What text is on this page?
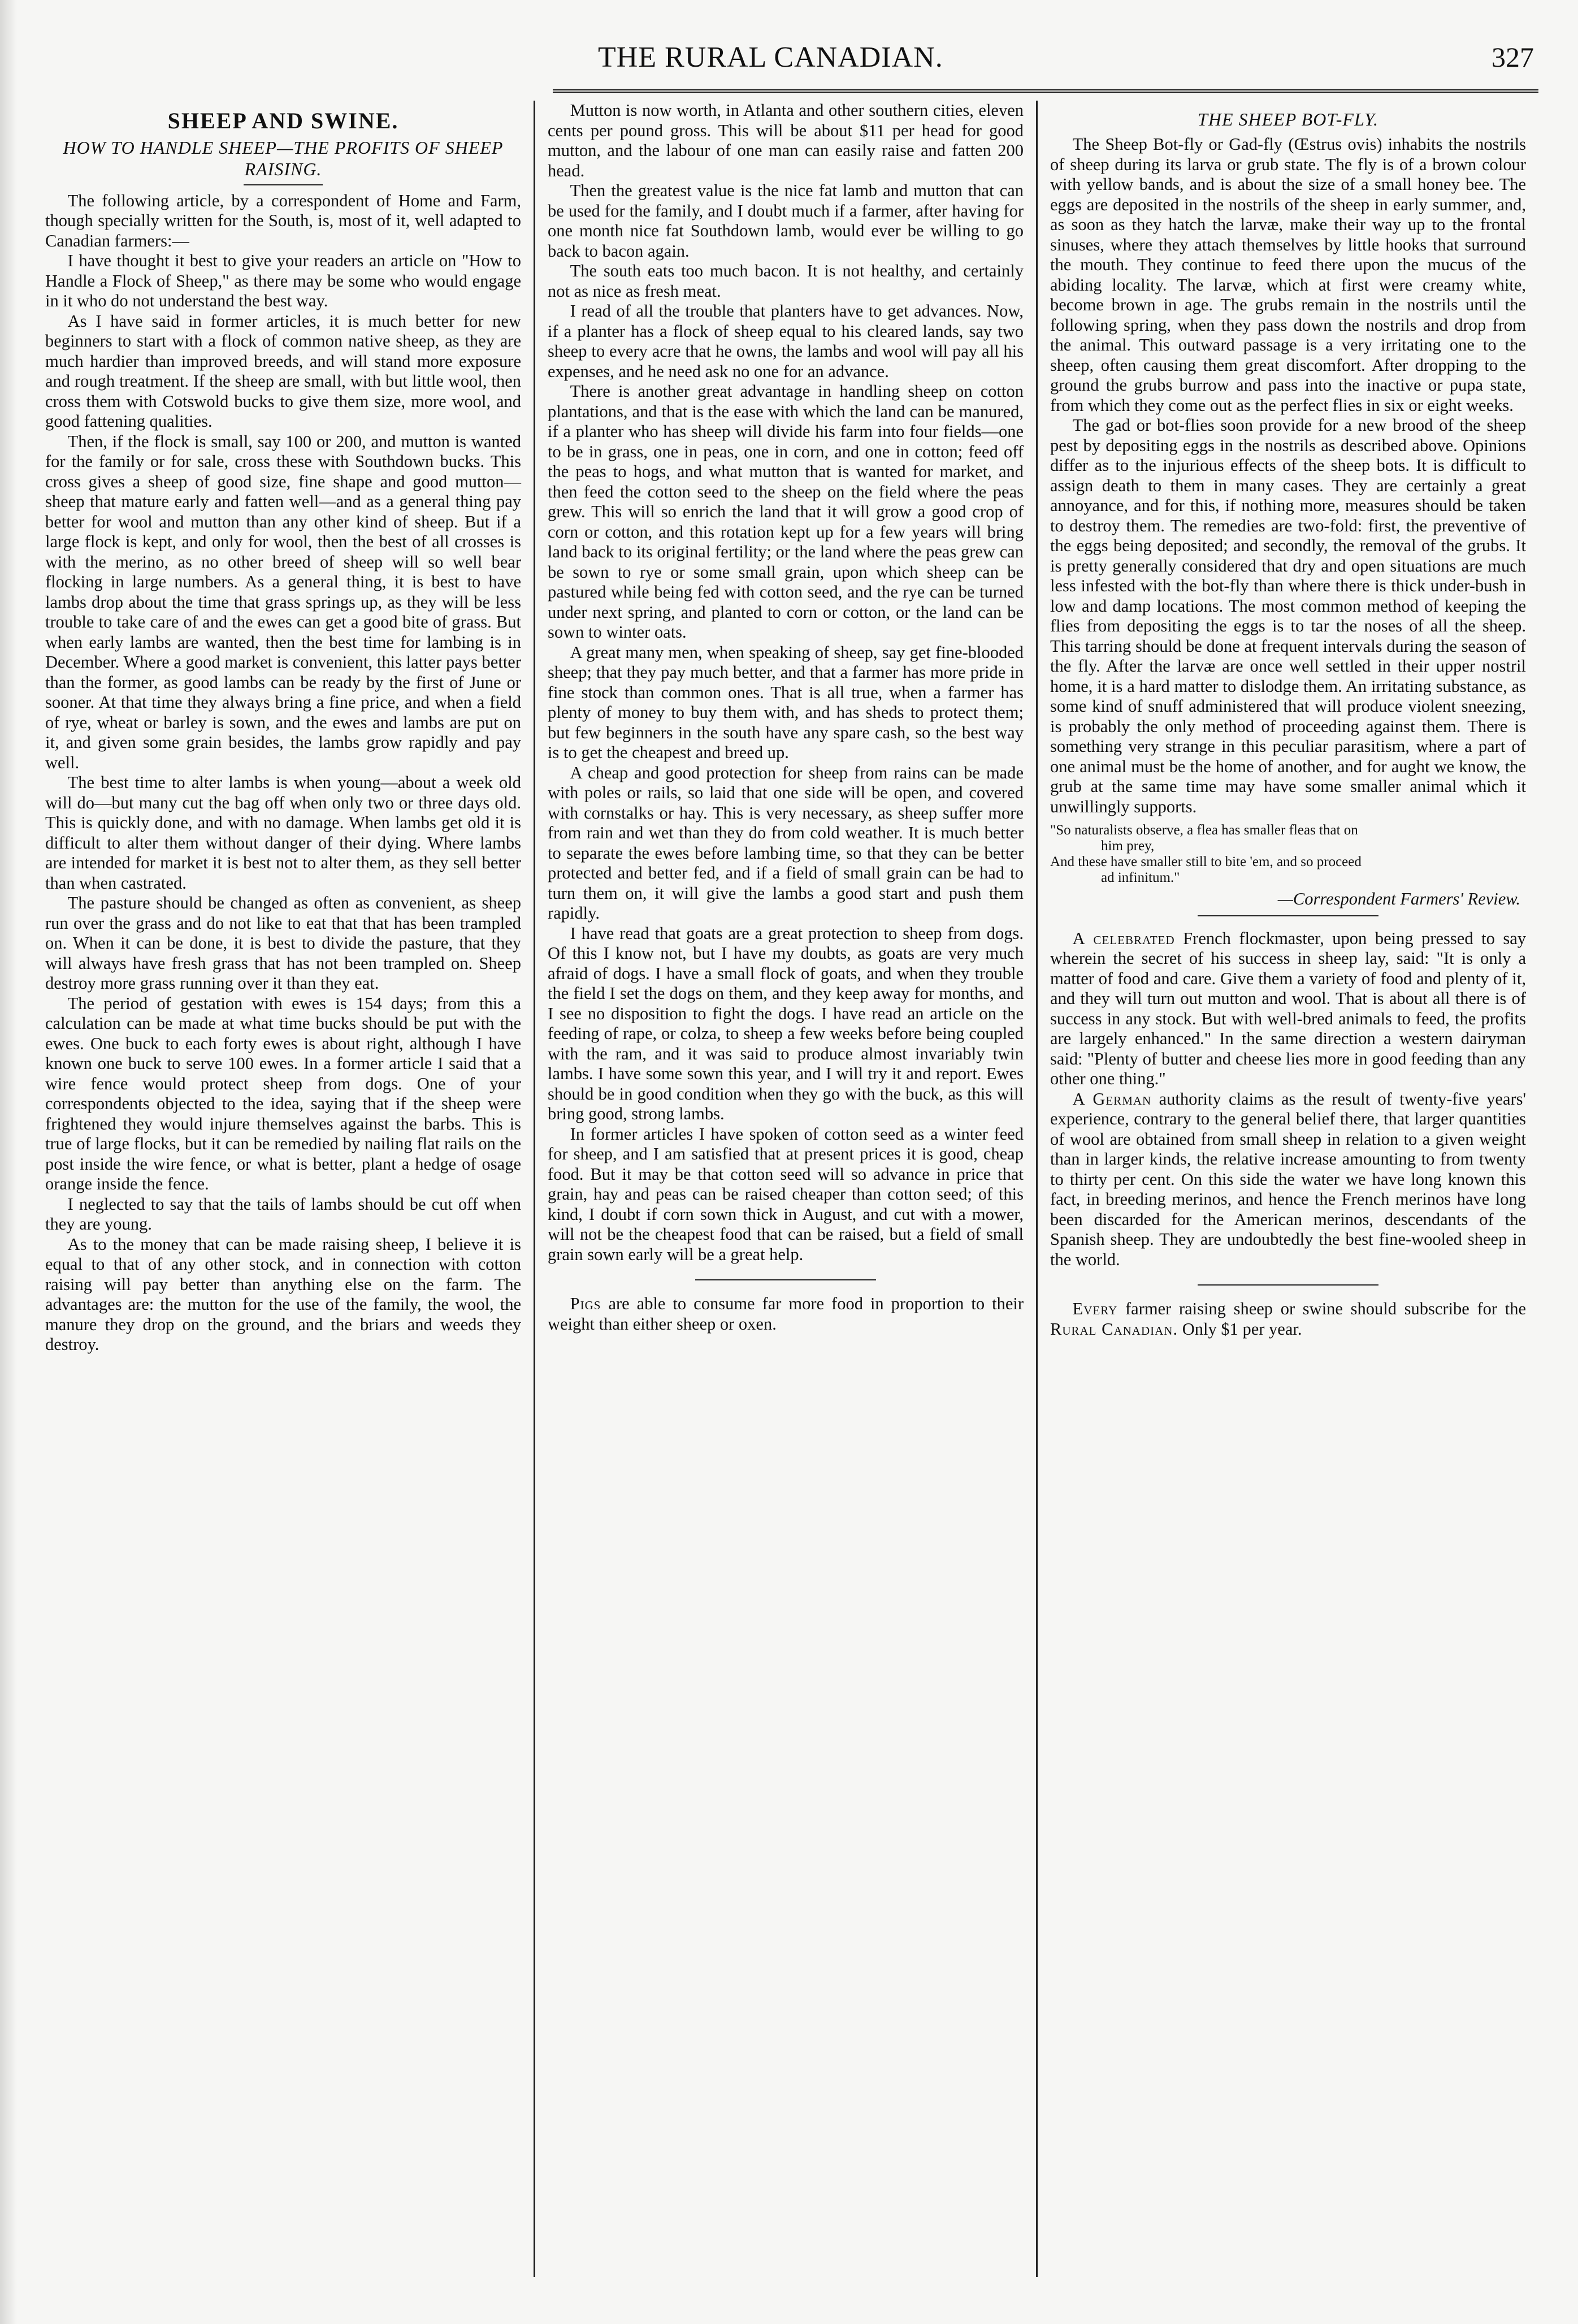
THE RURAL CANADIAN.	327
SHEEP AND SWINE.
HOW TO HANDLE SHEEP—THE PROFITS OF SHEEP RAISING.

The following article, by a correspondent of Home and Farm, though specially written for the South, is, most of it, well adapted to Canadian farmers:—

I have thought it best to give your readers an article on "How to Handle a Flock of Sheep," as there may be some who would engage in it who do not understand the best way.

As I have said in former articles, it is much better for new beginners to start with a flock of common native sheep, as they are much hardier than improved breeds, and will stand more exposure and rough treatment. If the sheep are small, with but little wool, then cross them with Cotswold bucks to give them size, more wool, and good fattening qualities.

Then, if the flock is small, say 100 or 200, and mutton is wanted for the family or for sale, cross these with Southdown bucks. This cross gives a sheep of good size, fine shape and good mutton—sheep that mature early and fatten well—and as a general thing pay better for wool and mutton than any other kind of sheep. But if a large flock is kept, and only for wool, then the best of all crosses is with the merino, as no other breed of sheep will so well bear flocking in large numbers. As a general thing, it is best to have lambs drop about the time that grass springs up, as they will be less trouble to take care of and the ewes can get a good bite of grass. But when early lambs are wanted, then the best time for lambing is in December. Where a good market is convenient, this latter pays better than the former, as good lambs can be ready by the first of June or sooner. At that time they always bring a fine price, and when a field of rye, wheat or barley is sown, and the ewes and lambs are put on it, and given some grain besides, the lambs grow rapidly and pay well.

The best time to alter lambs is when young—about a week old will do—but many cut the bag off when only two or three days old. This is quickly done, and with no damage. When lambs get old it is difficult to alter them without danger of their dying. Where lambs are intended for market it is best not to alter them, as they sell better than when castrated.

The pasture should be changed as often as convenient, as sheep run over the grass and do not like to eat that that has been trampled on. When it can be done, it is best to divide the pasture, that they will always have fresh grass that has not been trampled on. Sheep destroy more grass running over it than they eat.

The period of gestation with ewes is 154 days; from this a calculation can be made at what time bucks should be put with the ewes. One buck to each forty ewes is about right, although I have known one buck to serve 100 ewes. In a former article I said that a wire fence would protect sheep from dogs. One of your correspondents objected to the idea, saying that if the sheep were frightened they would injure themselves against the barbs. This is true of large flocks, but it can be remedied by nailing flat rails on the post inside the wire fence, or what is better, plant a hedge of osage orange inside the fence.

I neglected to say that the tails of lambs should be cut off when they are young.

As to the money that can be made raising sheep, I believe it is equal to that of any other stock, and in connection with cotton raising will pay better than anything else on the farm. The advantages are: the mutton for the use of the family, the wool, the manure they drop on the ground, and the briars and weeds they destroy.

Mutton is now worth, in Atlanta and other southern cities, eleven cents per pound gross. This will be about $11 per head for good mutton, and the labour of one man can easily raise and fatten 200 head.

Then the greatest value is the nice fat lamb and mutton that can be used for the family, and I doubt much if a farmer, after having for one month nice fat Southdown lamb, would ever be willing to go back to bacon again.

The south eats too much bacon. It is not healthy, and certainly not as nice as fresh meat.

I read of all the trouble that planters have to get advances. Now, if a planter has a flock of sheep equal to his cleared lands, say two sheep to every acre that he owns, the lambs and wool will pay all his expenses, and he need ask no one for an advance.

There is another great advantage in handling sheep on cotton plantations, and that is the ease with which the land can be manured, if a planter who has sheep will divide his farm into four fields—one to be in grass, one in peas, one in corn, and one in cotton; feed off the peas to hogs, and what mutton that is wanted for market, and then feed the cotton seed to the sheep on the field where the peas grew. This will so enrich the land that it will grow a good crop of corn or cotton, and this rotation kept up for a few years will bring land back to its original fertility; or the land where the peas grew can be sown to rye or some small grain, upon which sheep can be pastured while being fed with cotton seed, and the rye can be turned under next spring, and planted to corn or cotton, or the land can be sown to winter oats.

A great many men, when speaking of sheep, say get fine-blooded sheep; that they pay much better, and that a farmer has more pride in fine stock than common ones. That is all true, when a farmer has plenty of money to buy them with, and has sheds to protect them; but few beginners in the south have any spare cash, so the best way is to get the cheapest and breed up.

A cheap and good protection for sheep from rains can be made with poles or rails, so laid that one side will be open, and covered with cornstalks or hay. This is very necessary, as sheep suffer more from rain and wet than they do from cold weather. It is much better to separate the ewes before lambing time, so that they can be better protected and better fed, and if a field of small grain can be had to turn them on, it will give the lambs a good start and push them rapidly.

I have read that goats are a great protection to sheep from dogs. Of this I know not, but I have my doubts, as goats are very much afraid of dogs. I have a small flock of goats, and when they trouble the field I set the dogs on them, and they keep away for months, and I see no disposition to fight the dogs. I have read an article on the feeding of rape, or colza, to sheep a few weeks before being coupled with the ram, and it was said to produce almost invariably twin lambs. I have some sown this year, and I will try it and report. Ewes should be in good condition when they go with the buck, as this will bring good, strong lambs.

In former articles I have spoken of cotton seed as a winter feed for sheep, and I am satisfied that at present prices it is good, cheap food. But it may be that cotton seed will so advance in price that grain, hay and peas can be raised cheaper than cotton seed; of this kind, I doubt if corn sown thick in August, and cut with a mower, will not be the cheapest food that can be raised, but a field of small grain sown early will be a great help.

Pigs are able to consume far more food in proportion to their weight than either sheep or oxen.

THE SHEEP BOT-FLY.

The Sheep Bot-fly or Gad-fly (Œstrus ovis) inhabits the nostrils of sheep during its larva or grub state. The fly is of a brown colour with yellow bands, and is about the size of a small honey bee. The eggs are deposited in the nostrils of the sheep in early summer, and, as soon as they hatch the larvæ, make their way up to the frontal sinuses, where they attach themselves by little hooks that surround the mouth. They continue to feed there upon the mucus of the abiding locality. The larvæ, which at first were creamy white, become brown in age. The grubs remain in the nostrils until the following spring, when they pass down the nostrils and drop from the animal. This outward passage is a very irritating one to the sheep, often causing them great discomfort. After dropping to the ground the grubs burrow and pass into the inactive or pupa state, from which they come out as the perfect flies in six or eight weeks.

The gad or bot-flies soon provide for a new brood of the sheep pest by depositing eggs in the nostrils as described above. Opinions differ as to the injurious effects of the sheep bots. It is difficult to assign death to them in many cases. They are certainly a great annoyance, and for this, if nothing more, measures should be taken to destroy them. The remedies are two-fold: first, the preventive of the eggs being deposited; and secondly, the removal of the grubs. It is pretty generally considered that dry and open situations are much less infested with the bot-fly than where there is thick under-bush in low and damp locations. The most common method of keeping the flies from depositing the eggs is to tar the noses of all the sheep. This tarring should be done at frequent intervals during the season of the fly. After the larvæ are once well settled in their upper nostril home, it is a hard matter to dislodge them. An irritating substance, as some kind of snuff administered that will produce violent sneezing, is probably the only method of proceeding against them. There is something very strange in this peculiar parasitism, where a part of one animal must be the home of another, and for aught we know, the grub at the same time may have some smaller animal which it unwillingly supports.

"So naturalists observe, a flea has smaller fleas that on
him prey,
And these have smaller still to bite 'em, and so proceed
ad infinitum."
—Correspondent Farmers' Review.

A celebrated French flockmaster, upon being pressed to say wherein the secret of his success in sheep lay, said: "It is only a matter of food and care. Give them a variety of food and plenty of it, and they will turn out mutton and wool. That is about all there is of success in any stock. But with well-bred animals to feed, the profits are largely enhanced." In the same direction a western dairyman said: "Plenty of butter and cheese lies more in good feeding than any other one thing."

A German authority claims as the result of twenty-five years' experience, contrary to the general belief there, that larger quantities of wool are obtained from small sheep in relation to a given weight than in larger kinds, the relative increase amounting to from twenty to thirty per cent. On this side the water we have long known this fact, in breeding merinos, and hence the French merinos have long been discarded for the American merinos, descendants of the Spanish sheep. They are undoubtedly the best fine-wooled sheep in the world.

Every farmer raising sheep or swine should subscribe for the Rural Canadian. Only $1 per year.
